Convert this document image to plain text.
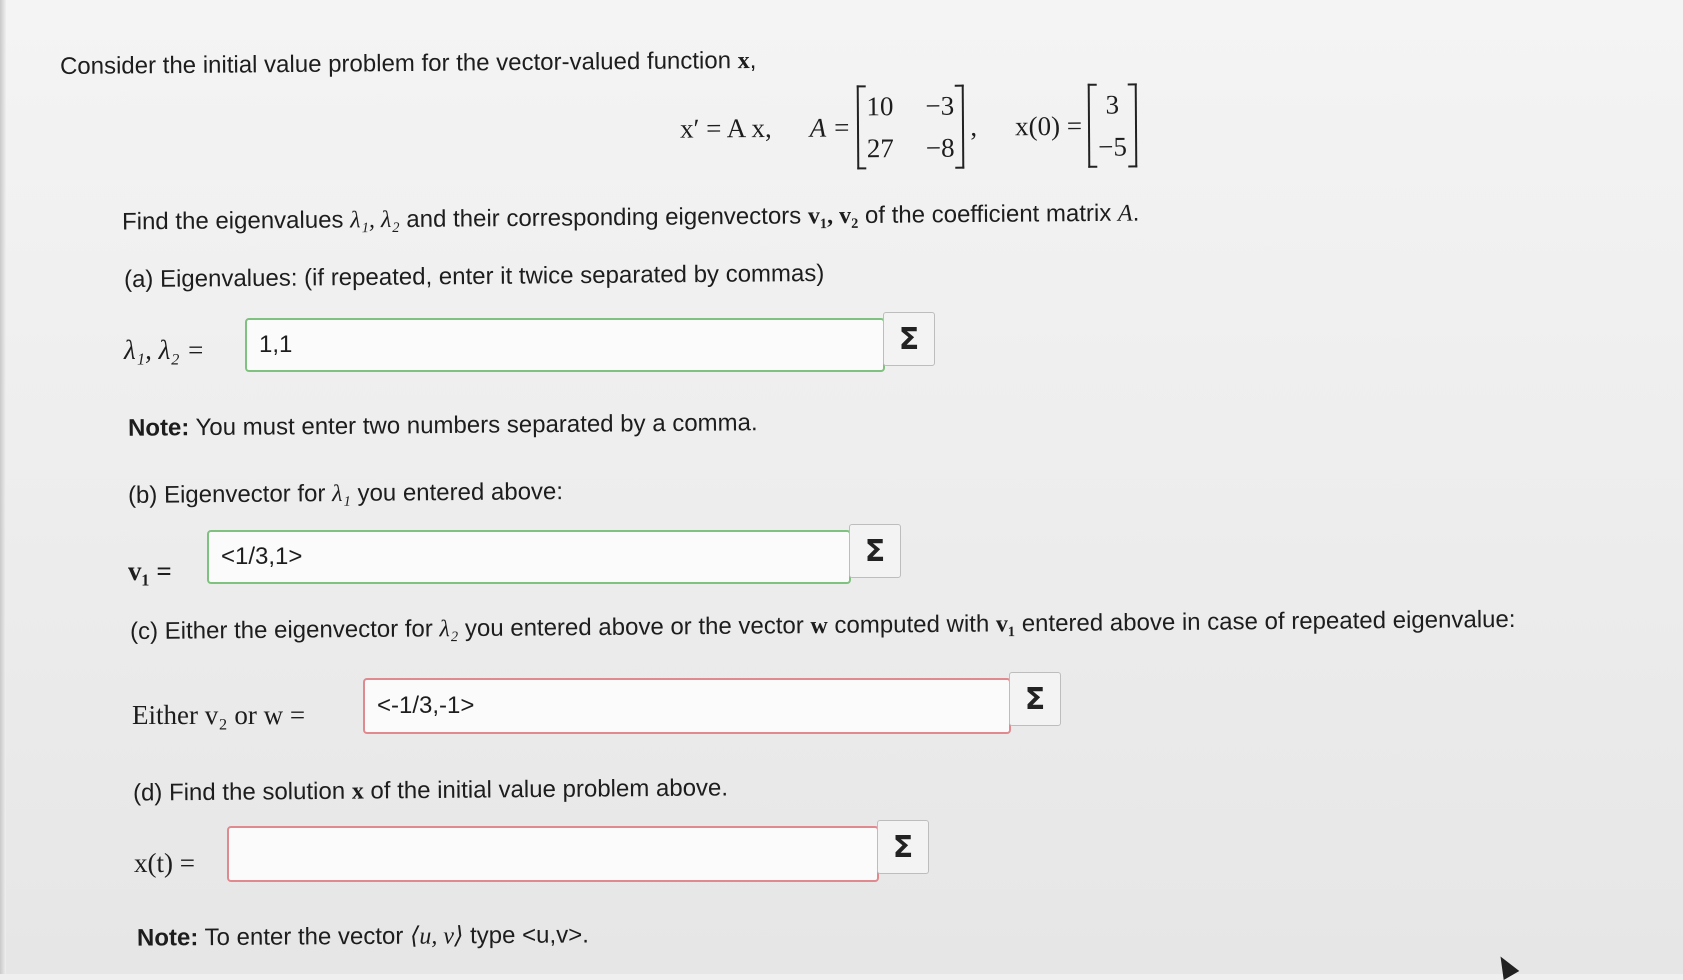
Consider the initial value problem for the vector-valued function x,
x′ = A x, A =
10 −3
27 −8
, x(0) =
3
−5
Find the eigenvalues λ₁, λ₂ and their corresponding eigenvectors v₁, v₂ of the coefficient matrix A.
(a) Eigenvalues: (if repeated, enter it twice separated by commas)
λ₁, λ₂ =	1,1	Σ
Note: You must enter two numbers separated by a comma.
(b) Eigenvector for λ₁ you entered above:
v₁ =	<1/3,1>	Σ
(c) Either the eigenvector for λ₂ you entered above or the vector w computed with v₁ entered above in case of repeated eigenvalue:
Either v₂ or w =	<-1/3,-1>	Σ
(d) Find the solution x of the initial value problem above.
x(t) =	Σ
Note: To enter the vector ⟨u, v⟩ type <u,v>.
